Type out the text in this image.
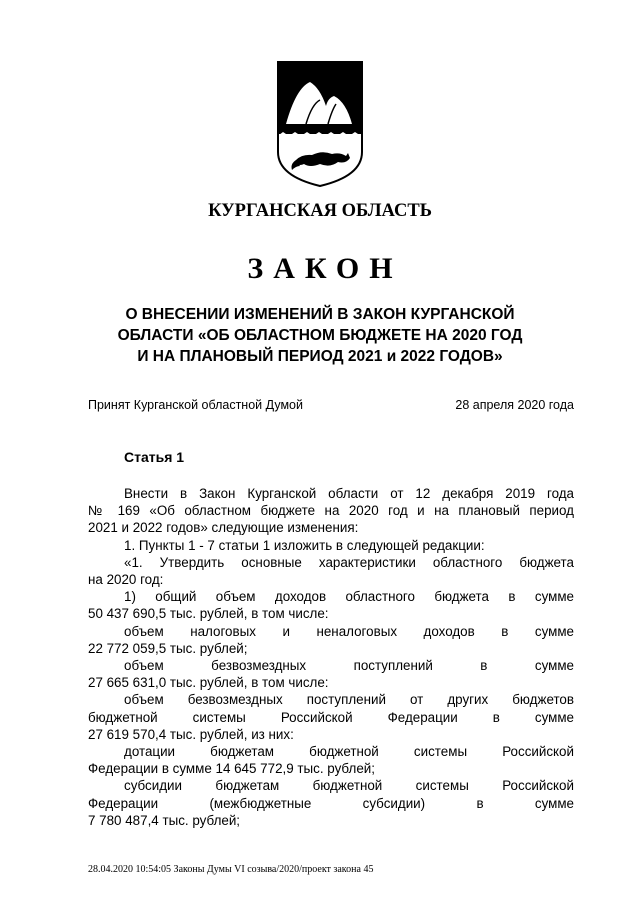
КУРГАНСКАЯ ОБЛАСТЬ
ЗАКОН
О ВНЕСЕНИИ ИЗМЕНЕНИЙ В ЗАКОН КУРГАНСКОЙ
ОБЛАСТИ «ОБ ОБЛАСТНОМ БЮДЖЕТЕ НА 2020 ГОД
И НА ПЛАНОВЫЙ ПЕРИОД 2021 и 2022 ГОДОВ»
Принят Курганской областной Думой	28 апреля 2020 года
Статья 1
Внести в Закон Курганской области от 12 декабря 2019 года
№ 169 «Об областном бюджете на 2020 год и на плановый период
2021 и 2022 годов» следующие изменения:
1. Пункты 1 - 7 статьи 1 изложить в следующей редакции:
«1. Утвердить основные характеристики областного бюджета
на 2020 год:
1) общий объем доходов областного бюджета в сумме
50 437 690,5 тыс. рублей, в том числе:
объем налоговых и неналоговых доходов в сумме
22 772 059,5 тыс. рублей;
объем безвозмездных поступлений в сумме
27 665 631,0 тыс. рублей, в том числе:
объем безвозмездных поступлений от других бюджетов
бюджетной системы Российской Федерации в сумме
27 619 570,4 тыс. рублей, из них:
дотации бюджетам бюджетной системы Российской
Федерации в сумме 14 645 772,9 тыс. рублей;
субсидии бюджетам бюджетной системы Российской
Федерации (межбюджетные субсидии) в сумме
7 780 487,4 тыс. рублей;
28.04.2020 10:54:05 Законы Думы VI созыва/2020/проект закона 45
